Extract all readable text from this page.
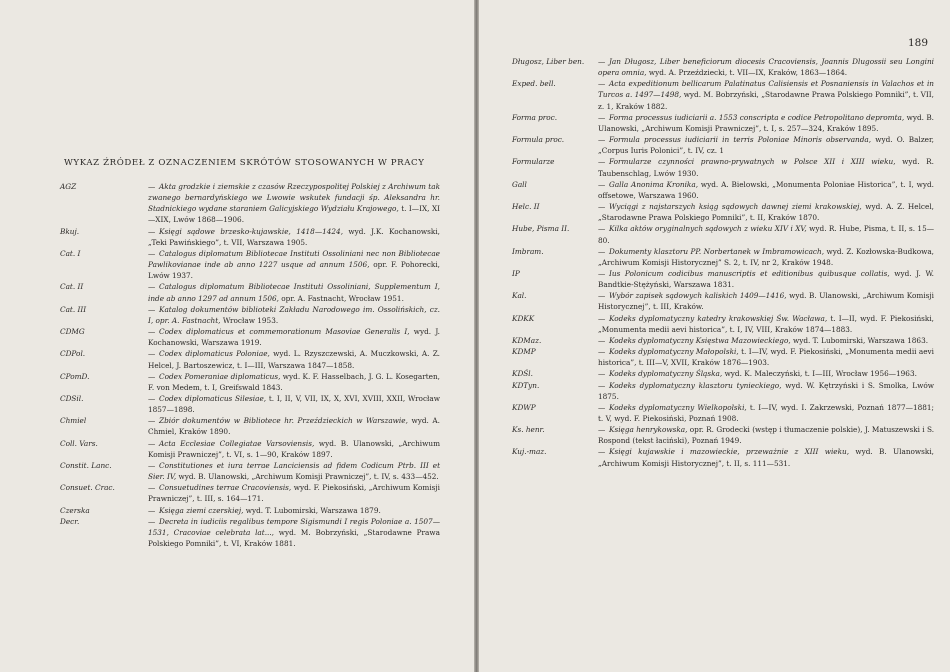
WYKAZ ŹRÓDEŁ Z OZNACZENIEM SKRÓTÓW STOSOWANYCH W PRACY
AGZ	— Akta grodzkie i ziemskie z czasów Rzeczypospolitej Polskiej z Archiwum tak zwanego bernardyńskiego we Lwowie wskutek fundacji śp. Aleksandra hr. Stadnickiego wydane staraniem Galicyjskiego Wydziału Krajowego, t. I—IX, XI—XIX, Lwów 1868—1906.
Bkuj.	— Księgi sądowe brzesko-kujawskie, 1418—1424, wyd. J.K. Kochanowski, „Teki Pawińskiego”, t. VII, Warszawa 1905.
Cat. I	— Catalogus diplomatum Bibliotecae Instituti Ossoliniani nec non Bibliotecae Pawlikovianae inde ab anno 1227 usque ad annum 1506, opr. F. Pohorecki, Lwów 1937.
Cat. II	— Catalogus diplomatum Bibliotecae Instituti Ossoliniani, Supplementum I, inde ab anno 1297 ad annum 1506, opr. A. Fastnacht, Wrocław 1951.
Cat. III	— Katalog dokumentów biblioteki Zakładu Narodowego im. Ossolińskich, cz. I, opr. A. Fastnacht, Wrocław 1953.
CDMG	— Codex diplomaticus et commemorationum Masoviae Generalis I, wyd. J. Kochanowski, Warszawa 1919.
CDPol.	— Codex diplomaticus Poloniae, wyd. L. Rzyszczewski, A. Muczkowski, A. Z. Helcel, J. Bartoszewicz, t. I—III, Warszawa 1847—1858.
CPomD.	— Codex Pomeraniae diplomaticus, wyd. K. F. Hasselbach, J. G. L. Kosegarten, F. von Medem, t. I, Greifswald 1843.
CDSil.	— Codex diplomaticus Silesiae, t. I, II, V, VII, IX, X, XVI, XVIII, XXII, Wrocław 1857—1898.
Chmiel	— Zbiór dokumentów w Bibliotece hr. Przeździeckich w Warszawie, wyd. A. Chmiel, Kraków 1890.
Coll. Vars.	— Acta Ecclesiae Collegiatae Varsoviensis, wyd. B. Ulanowski, „Archiwum Komisji Prawniczej”, t. VI, s. 1—90, Kraków 1897.
Constit. Lanc.	— Constitutiones et iura terrae Lanciciensis ad fidem Codicum Ptrb. III et Sier. IV, wyd. B. Ulanowski, „Archiwum Komisji Prawniczej”, t. IV, s. 433—452.
Consuet. Crac.	— Consuetudines terrae Cracoviensis, wyd. F. Piekosiński, „Archiwum Komisji Prawniczej”, t. III, s. 164—171.
Czerska	— Księga ziemi czerskiej, wyd. T. Lubomirski, Warszawa 1879.
Decr.	— Decreta in iudiciis regalibus tempore Sigismundi I regis Poloniae a. 1507—1531, Cracoviae celebrata lat..., wyd. M. Bobrzyński, „Starodawne Prawa Polskiego Pomniki”, t. VI, Kraków 1881.
189
Długosz, Liber ben.	— Jan Długosz, Liber beneficiorum diocesis Cracoviensis, Joannis Dlugossii seu Longini opera omnia, wyd. A. Przeździecki, t. VII—IX, Kraków, 1863—1864.
Exped. bell.	— Acta expeditionum bellicarum Palatinatus Calisiensis et Posnaniensis in Valachos et in Turcos a. 1497—1498, wyd. M. Bobrzyński, „Starodawne Prawa Polskiego Pomniki”, t. VII, z. 1, Kraków 1882.
Forma proc.	— Forma processus iudiciarii a. 1553 conscripta e codice Petropolitano depromta, wyd. B. Ulanowski, „Archiwum Komisji Prawniczej”, t. I, s. 257—324, Kraków 1895.
Formula proc.	— Formula processus iudiciarii in terris Poloniae Minoris observanda, wyd. O. Balzer, „Corpus Iuris Polonici”, t. IV, cz. 1
Formularze	— Formularze czynności prawno-prywatnych w Polsce XII i XIII wieku, wyd. R. Taubenschlag, Lwów 1930.
Gall	— Galla Anonima Kronika, wyd. A. Bielowski, „Monumenta Poloniae Historica”, t. I, wyd. offsetowe, Warszawa 1960.
Helc. II	— Wyciągi z najstarszych ksiąg sądowych dawnej ziemi krakowskiej, wyd. A. Z. Helcel, „Starodawne Prawa Polskiego Pomniki”, t. II, Kraków 1870.
Hube, Pisma II.	— Kilka aktów oryginalnych sądowych z wieku XIV i XV, wyd. R. Hube, Pisma, t. II, s. 15—80.
Imbram.	— Dokumenty klasztoru PP. Norbertanek w Imbramowicach, wyd. Z. Kozłowska-Budkowa, „Archiwum Komisji Historycznej” S. 2, t. IV, nr 2, Kraków 1948.
IP	— Ius Polonicum codicibus manuscriptis et editionibus quibusque collatis, wyd. J. W. Bandtkie-Stężyński, Warszawa 1831.
Kal.	— Wybór zapisek sądowych kaliskich 1409—1416, wyd. B. Ulanowski, „Archiwum Komisji Historycznej”, t. III, Kraków.
KDKK	— Kodeks dyplomatyczny katedry krakowskiej Św. Wacława, t. I—II, wyd. F. Piekosiński, „Monumenta medii aevi historica”, t. I, IV, VIII, Kraków 1874—1883.
KDMaz.	— Kodeks dyplomatyczny Księstwa Mazowieckiego, wyd. T. Lubomirski, Warszawa 1863.
KDMP	— Kodeks dyplomatyczny Małopolski, t. I—IV, wyd. F. Piekosiński, „Monumenta medii aevi historica”, t. III—V, XVII, Kraków 1876—1903.
KDŚl.	— Kodeks dyplomatyczny Śląska, wyd. K. Maleczyński, t. I—III, Wrocław 1956—1963.
KDTyn.	— Kodeks dyplomatyczny klasztoru tynieckiego, wyd. W. Kętrzyński i S. Smolka, Lwów 1875.
KDWP	— Kodeks dyplomatyczny Wielkopolski, t. I—IV, wyd. I. Zakrzewski, Poznań 1877—1881; t. V, wyd. F. Piekosiński, Poznań 1908.
Ks. henr.	— Księga henrykowska, opr. R. Grodecki (wstęp i tłumaczenie polskie), J. Matuszewski i S. Rospond (tekst łaciński), Poznań 1949.
Kuj.-maz.	— Księgi kujawskie i mazowieckie, przeważnie z XIII wieku, wyd. B. Ulanowski, „Archiwum Komisji Historycznej”, t. II, s. 111—531.
